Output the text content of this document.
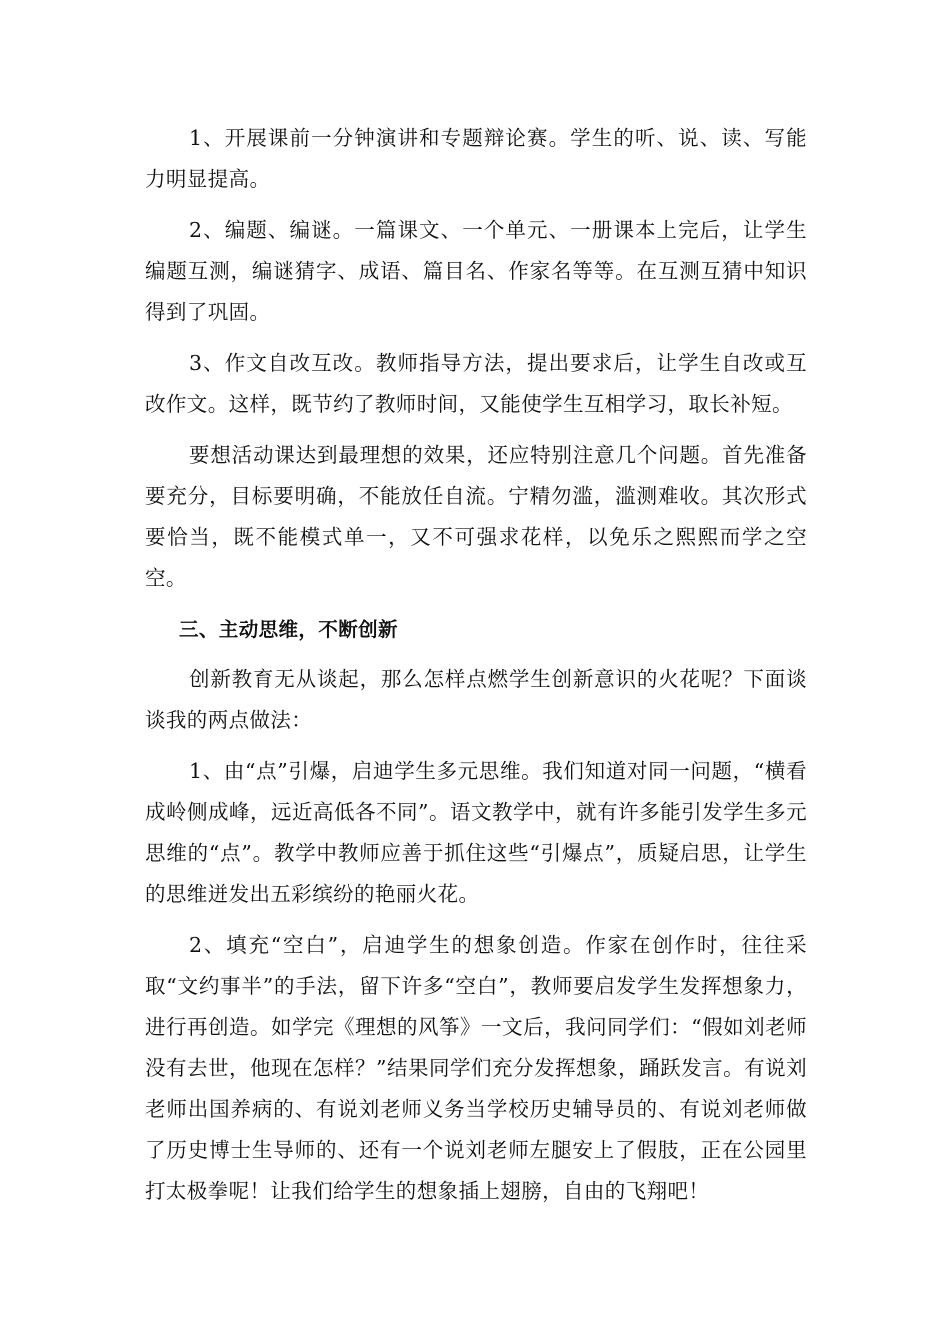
1、开展课前一分钟演讲和专题辩论赛。学生的听、说、读、写能力明显提高。

2、编题、编谜。一篇课文、一个单元、一册课本上完后，让学生编题互测，编谜猜字、成语、篇目名、作家名等等。在互测互猜中知识得到了巩固。

3、作文自改互改。教师指导方法，提出要求后，让学生自改或互改作文。这样，既节约了教师时间，又能使学生互相学习，取长补短。

要想活动课达到最理想的效果，还应特别注意几个问题。首先准备要充分，目标要明确，不能放任自流。宁精勿滥，滥测难收。其次形式要恰当，既不能模式单一，又不可强求花样，以免乐之熙熙而学之空空。

三、主动思维，不断创新

创新教育无从谈起，那么怎样点燃学生创新意识的火花呢？下面谈谈我的两点做法：

1、由“点”引爆，启迪学生多元思维。我们知道对同一问题，“横看成岭侧成峰，远近高低各不同”。语文教学中，就有许多能引发学生多元思维的“点”。教学中教师应善于抓住这些“引爆点”，质疑启思，让学生的思维迸发出五彩缤纷的艳丽火花。

2、填充“空白”，启迪学生的想象创造。作家在创作时，往往采取“文约事半”的手法，留下许多“空白”，教师要启发学生发挥想象力，进行再创造。如学完《理想的风筝》一文后，我问同学们：“假如刘老师没有去世，他现在怎样？”结果同学们充分发挥想象，踊跃发言。有说刘老师出国养病的、有说刘老师义务当学校历史辅导员的、有说刘老师做了历史博士生导师的、还有一个说刘老师左腿安上了假肢，正在公园里打太极拳呢！让我们给学生的想象插上翅膀，自由的飞翔吧！
